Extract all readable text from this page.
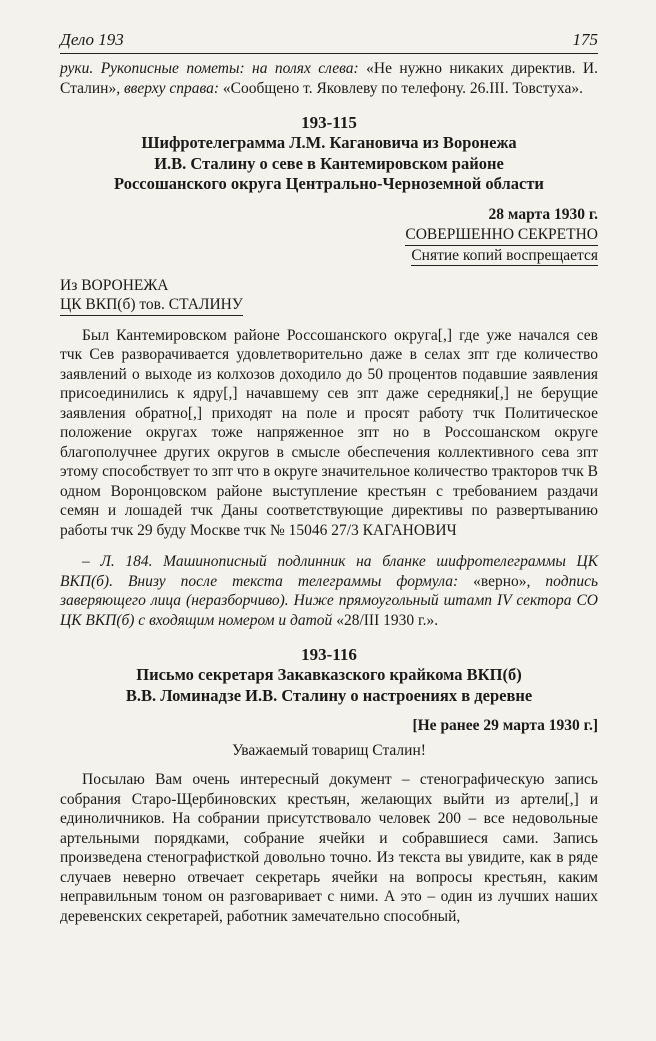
Дело 193	175

руки. Рукописные пометы: на полях слева: «Не нужно никаких директив. И. Сталин», вверху справа: «Сообщено т. Яковлеву по телефону. 26.III. Товстуха».

193-115
Шифротелеграмма Л.М. Кагановича из Воронежа
И.В. Сталину о севе в Кантемировском районе
Россошанского округа Центрально-Черноземной области
28 марта 1930 г.
СОВЕРШЕННО СЕКРЕТНО
Снятие копий воспрещается
Из ВОРОНЕЖА
ЦК ВКП(б) тов. СТАЛИНУ

Был Кантемировском районе Россошанского округа[,] где уже начался сев тчк Сев разворачивается удовлетворительно даже в селах зпт где количество заявлений о выходе из колхозов доходило до 50 процентов подавшие заявления присоединились к ядру[,] начавшему сев зпт даже середняки[,] не берущие заявления обратно[,] приходят на поле и просят работу тчк Политическое положение округах тоже напряженное зпт но в Россошанском округе благополучнее других округов в смысле обеспечения коллективного сева зпт этому способствует то зпт что в округе значительное количество тракторов тчк В одном Воронцовском районе выступление крестьян с требованием раздачи семян и лошадей тчк Даны соответствующие директивы по развертыванию работы тчк 29 буду Москве тчк № 15046 27/3 КАГАНОВИЧ

– Л. 184. Машинописный подлинник на бланке шифротелеграммы ЦК ВКП(б). Внизу после текста телеграммы формула: «верно», подпись заверяющего лица (неразборчиво). Ниже прямоугольный штамп IV сектора СО ЦК ВКП(б) с входящим номером и датой «28/III 1930 г.».

193-116
Письмо секретаря Закавказского крайкома ВКП(б)
В.В. Ломинадзе И.В. Сталину о настроениях в деревне
[Не ранее 29 марта 1930 г.]
Уважаемый товарищ Сталин!

Посылаю Вам очень интересный документ – стенографическую запись собрания Старо-Щербиновских крестьян, желающих выйти из артели[,] и единоличников. На собрании присутствовало человек 200 – все недовольные артельными порядками, собрание ячейки и собравшиеся сами. Запись произведена стенографисткой довольно точно. Из текста вы увидите, как в ряде случаев неверно отвечает секретарь ячейки на вопросы крестьян, каким неправильным тоном он разговаривает с ними. А это – один из лучших наших деревенских секретарей, работник замечательно способный,
